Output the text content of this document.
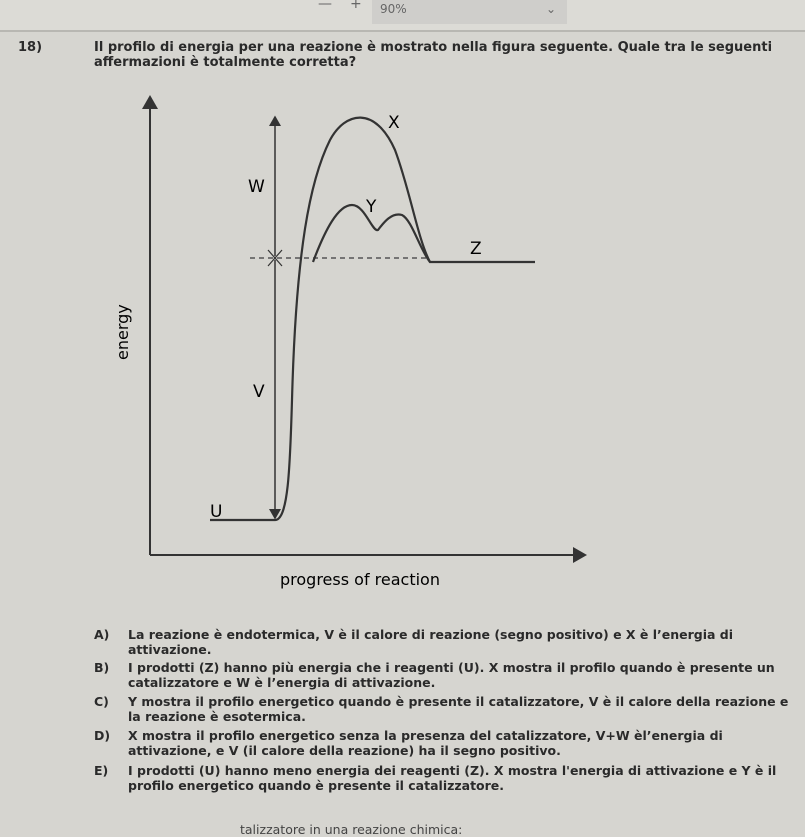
— + 90%	⌄
18)	Il profilo di energia per una reazione è mostrato nella figura seguente. Quale tra le seguenti affermazioni è totalmente corretta?
X
Y
Z
W
V
U
energy
progress of reaction
A) La reazione è endotermica, V è il calore di reazione (segno positivo) e X è l’energia di attivazione.
B) I prodotti (Z) hanno più energia che i reagenti (U). X mostra il profilo quando è presente un catalizzatore e W è l’energia di attivazione.
C) Y mostra il profilo energetico quando è presente il catalizzatore, V è il calore della reazione e la reazione è esotermica.
D) X mostra il profilo energetico senza la presenza del catalizzatore, V+W èl’energia di attivazione, e V (il calore della reazione) ha il segno positivo.
E) I prodotti (U) hanno meno energia dei reagenti (Z). X mostra l'energia di attivazione e Y è il profilo energetico quando è presente il catalizzatore.
talizzatore in una reazione chimica:
